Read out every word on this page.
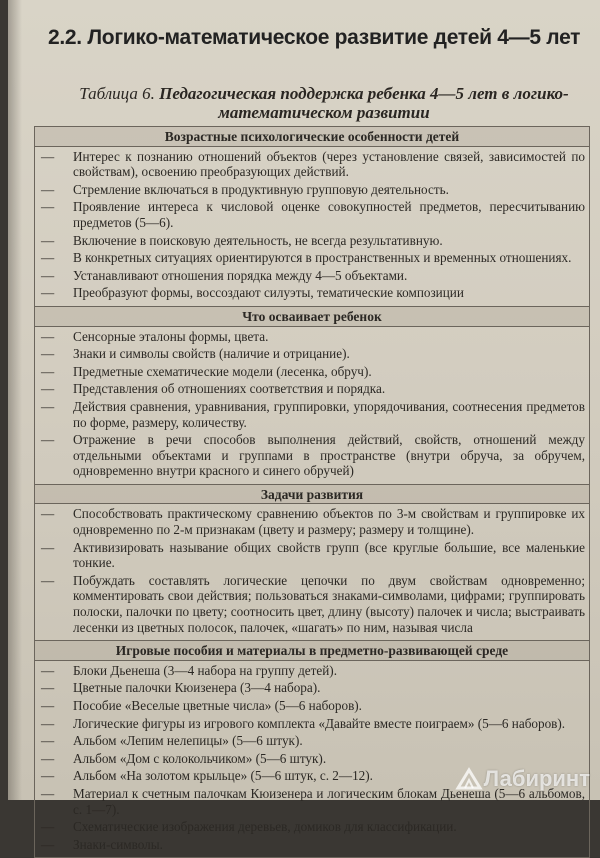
2.2. Логико-математическое развитие детей 4—5 лет
Таблица 6. Педагогическая поддержка ребенка 4—5 лет в логико-математическом развитии
Возрастные психологические особенности детей
— Интерес к познанию отношений объектов (через установление связей, зависимостей по свойствам), освоению преобразующих действий.
— Стремление включаться в продуктивную групповую деятельность.
— Проявление интереса к числовой оценке совокупностей предметов, пересчитыванию предметов (5—6).
— Включение в поисковую деятельность, не всегда результативную.
— В конкретных ситуациях ориентируются в пространственных и временных отношениях.
— Устанавливают отношения порядка между 4—5 объектами.
— Преобразуют формы, воссоздают силуэты, тематические композиции
Что осваивает ребенок
— Сенсорные эталоны формы, цвета.
— Знаки и символы свойств (наличие и отрицание).
— Предметные схематические модели (лесенка, обруч).
— Представления об отношениях соответствия и порядка.
— Действия сравнения, уравнивания, группировки, упорядочивания, соотнесения предметов по форме, размеру, количеству.
— Отражение в речи способов выполнения действий, свойств, отношений между отдельными объектами и группами в пространстве (внутри обруча, за обручем, одновременно внутри красного и синего обручей)
Задачи развития
— Способствовать практическому сравнению объектов по 3-м свойствам и группировке их одновременно по 2-м признакам (цвету и размеру; размеру и толщине).
— Активизировать называние общих свойств групп (все круглые большие, все маленькие тонкие.
— Побуждать составлять логические цепочки по двум свойствам одновременно; комментировать свои действия; пользоваться знаками-символами, цифрами; группировать полоски, палочки по цвету; соотносить цвет, длину (высоту) палочек и числа; выстраивать лесенки из цветных полосок, палочек, «шагать» по ним, называя числа
Игровые пособия и материалы в предметно-развивающей среде
— Блоки Дьенеша (3—4 набора на группу детей).
— Цветные палочки Кюизенера (3—4 набора).
— Пособие «Веселые цветные числа» (5—6 наборов).
— Логические фигуры из игрового комплекта «Давайте вместе поиграем» (5—6 наборов).
— Альбом «Лепим нелепицы» (5—6 штук).
— Альбом «Дом с колокольчиком» (5—6 штук).
— Альбом «На золотом крыльце» (5—6 штук, с. 2—12).
— Материал к счетным палочкам Кюизенера и логическим блокам Дьенеша (5—6 альбомов, с. 1—7).
— Схематические изображения деревьев, домиков для классификации.
— Знаки-символы.
Лабиринт
